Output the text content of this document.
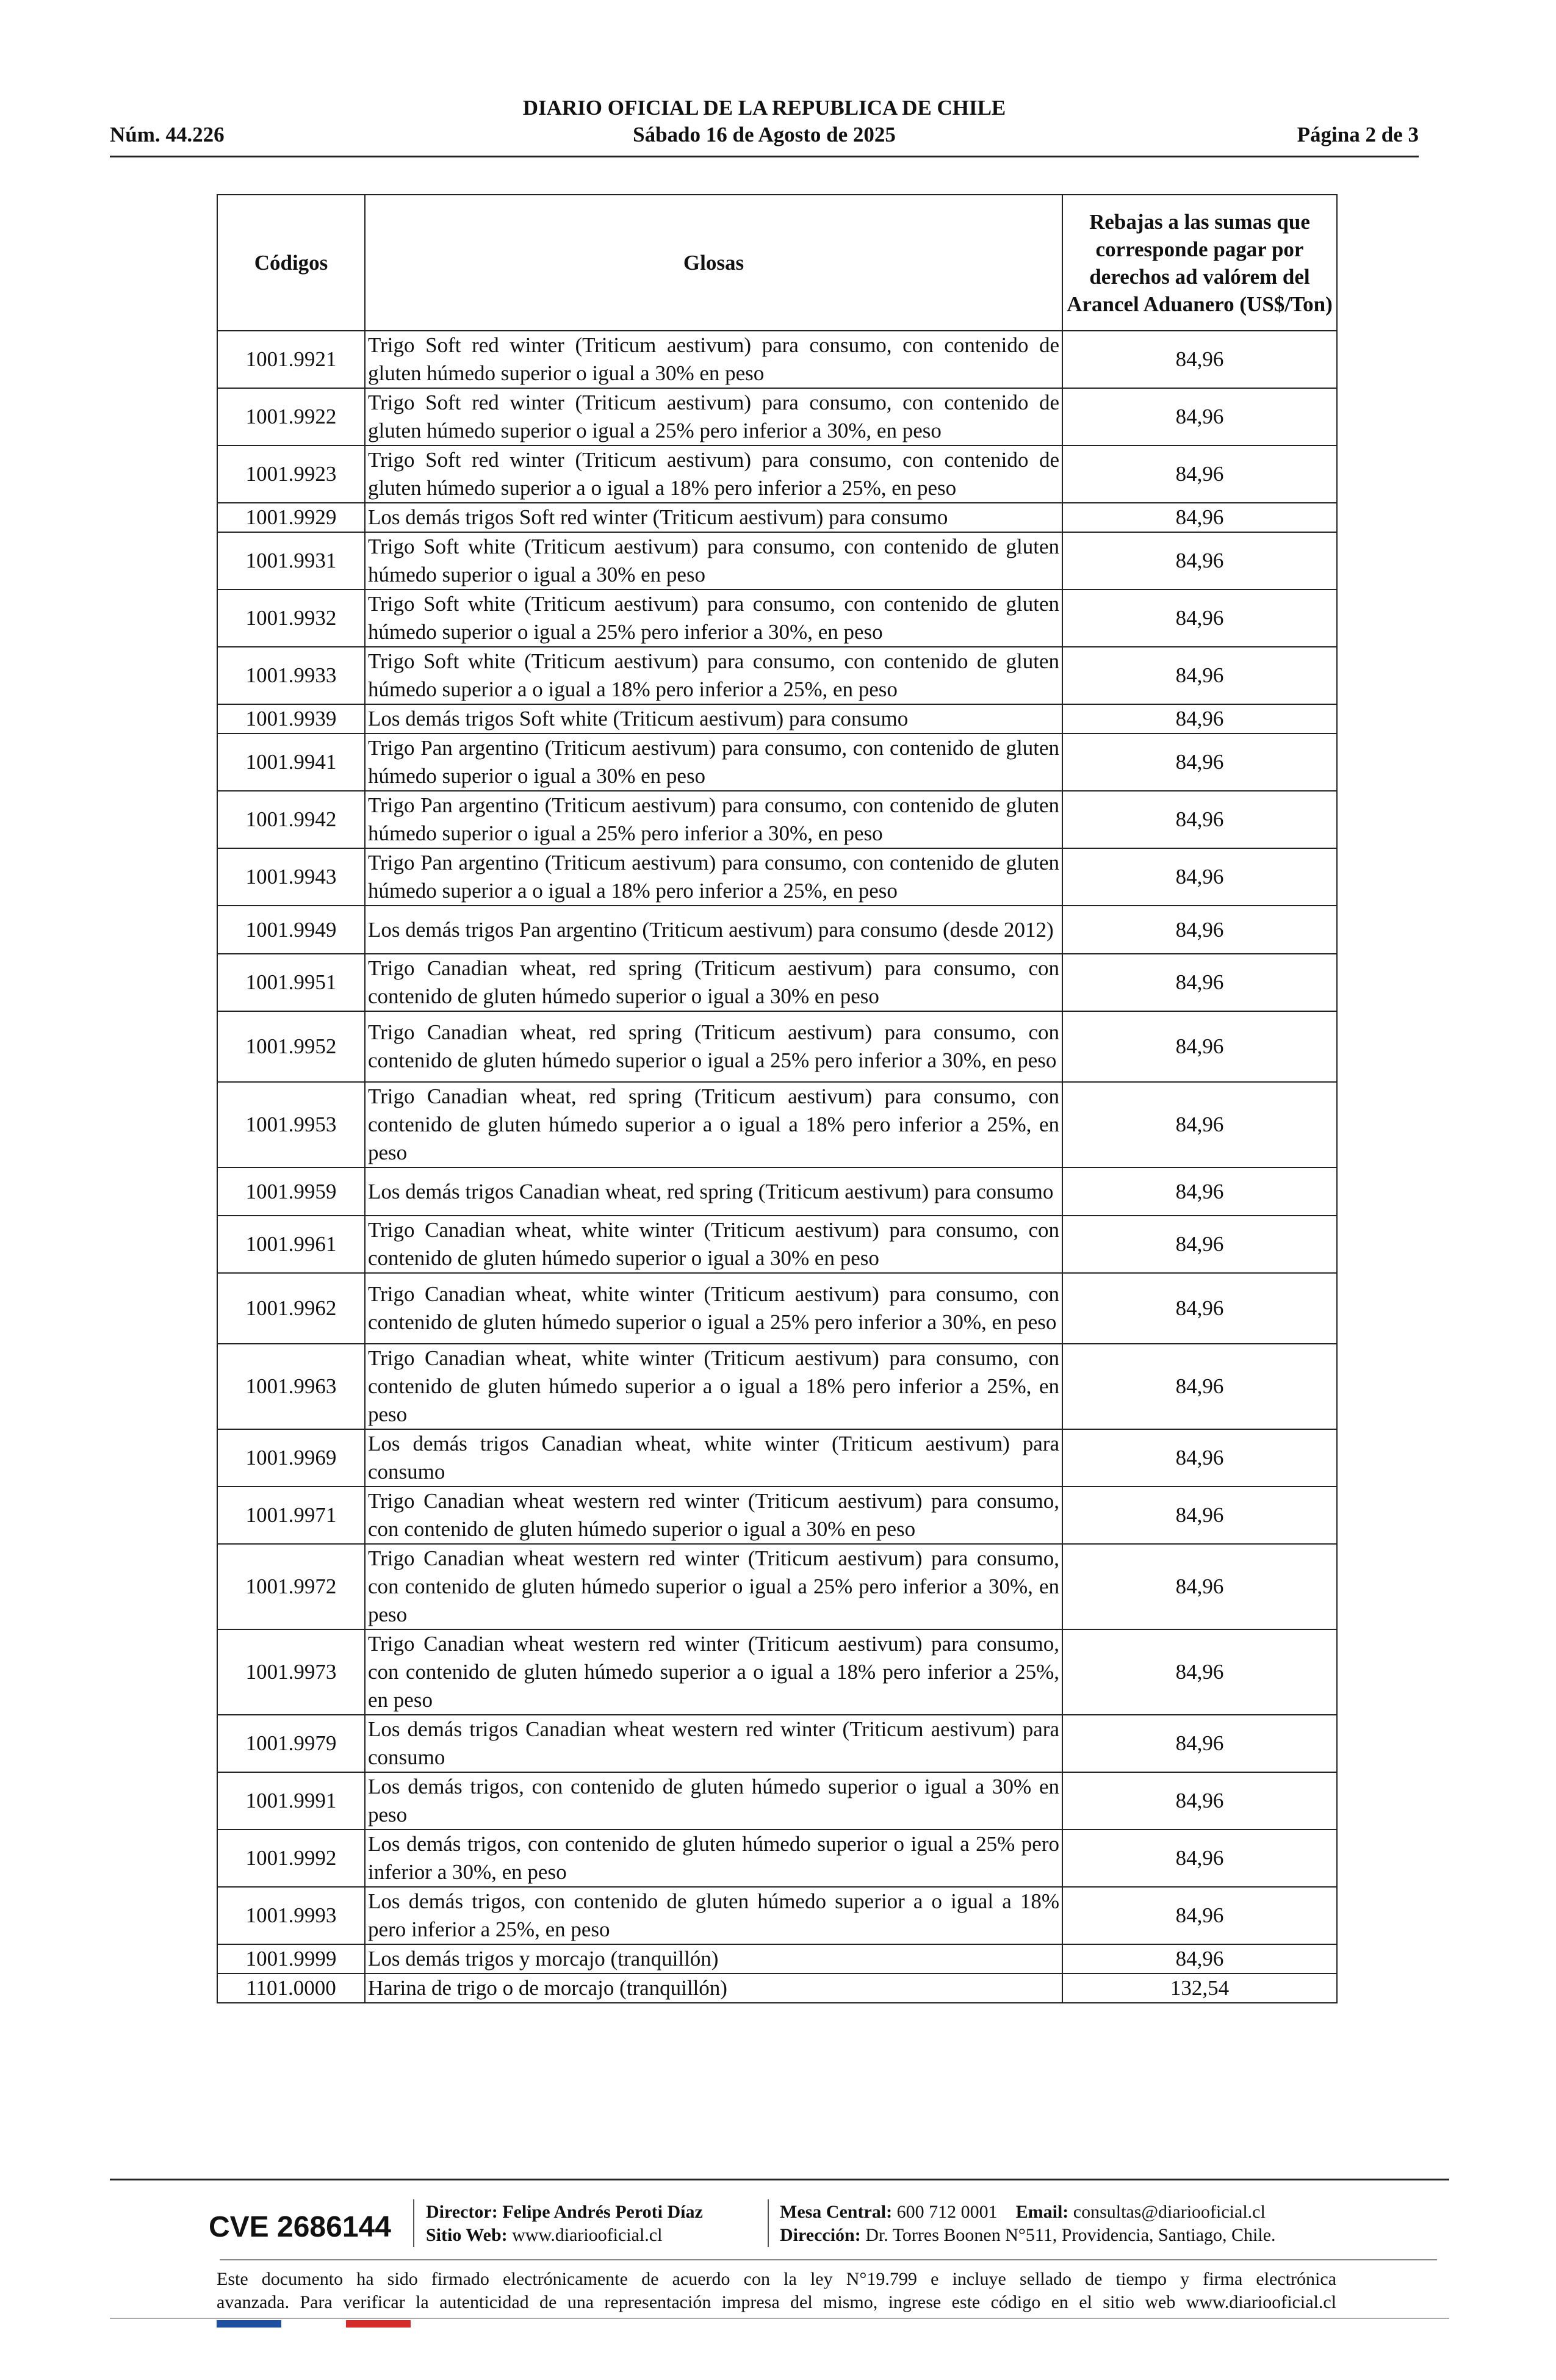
DIARIO OFICIAL DE LA REPUBLICA DE CHILE
Sábado 16 de Agosto de 2025
Núm. 44.226	Página 2 de 3
Códigos	Glosas	Rebajas a las sumas que corresponde pagar por derechos ad valórem del Arancel Aduanero (US$/Ton)
1001.9921	Trigo Soft red winter (Triticum aestivum) para consumo, con contenido de gluten húmedo superior o igual a 30% en peso	84,96
1001.9922	Trigo Soft red winter (Triticum aestivum) para consumo, con contenido de gluten húmedo superior o igual a 25% pero inferior a 30%, en peso	84,96
1001.9923	Trigo Soft red winter (Triticum aestivum) para consumo, con contenido de gluten húmedo superior a o igual a 18% pero inferior a 25%, en peso	84,96
1001.9929	Los demás trigos Soft red winter (Triticum aestivum) para consumo	84,96
1001.9931	Trigo Soft white (Triticum aestivum) para consumo, con contenido de gluten húmedo superior o igual a 30% en peso	84,96
1001.9932	Trigo Soft white (Triticum aestivum) para consumo, con contenido de gluten húmedo superior o igual a 25% pero inferior a 30%, en peso	84,96
1001.9933	Trigo Soft white (Triticum aestivum) para consumo, con contenido de gluten húmedo superior a o igual a 18% pero inferior a 25%, en peso	84,96
1001.9939	Los demás trigos Soft white (Triticum aestivum) para consumo	84,96
1001.9941	Trigo Pan argentino (Triticum aestivum) para consumo, con contenido de gluten húmedo superior o igual a 30% en peso	84,96
1001.9942	Trigo Pan argentino (Triticum aestivum) para consumo, con contenido de gluten húmedo superior o igual a 25% pero inferior a 30%, en peso	84,96
1001.9943	Trigo Pan argentino (Triticum aestivum) para consumo, con contenido de gluten húmedo superior a o igual a 18% pero inferior a 25%, en peso	84,96
1001.9949	Los demás trigos Pan argentino (Triticum aestivum) para consumo (desde 2012)	84,96
1001.9951	Trigo Canadian wheat, red spring (Triticum aestivum) para consumo, con contenido de gluten húmedo superior o igual a 30% en peso	84,96
1001.9952	Trigo Canadian wheat, red spring (Triticum aestivum) para consumo, con contenido de gluten húmedo superior o igual a 25% pero inferior a 30%, en peso	84,96
1001.9953	Trigo Canadian wheat, red spring (Triticum aestivum) para consumo, con contenido de gluten húmedo superior a o igual a 18% pero inferior a 25%, en peso	84,96
1001.9959	Los demás trigos Canadian wheat, red spring (Triticum aestivum) para consumo	84,96
1001.9961	Trigo Canadian wheat, white winter (Triticum aestivum) para consumo, con contenido de gluten húmedo superior o igual a 30% en peso	84,96
1001.9962	Trigo Canadian wheat, white winter (Triticum aestivum) para consumo, con contenido de gluten húmedo superior o igual a 25% pero inferior a 30%, en peso	84,96
1001.9963	Trigo Canadian wheat, white winter (Triticum aestivum) para consumo, con contenido de gluten húmedo superior a o igual a 18% pero inferior a 25%, en peso	84,96
1001.9969	Los demás trigos Canadian wheat, white winter (Triticum aestivum) para consumo	84,96
1001.9971	Trigo Canadian wheat western red winter (Triticum aestivum) para consumo, con contenido de gluten húmedo superior o igual a 30% en peso	84,96
1001.9972	Trigo Canadian wheat western red winter (Triticum aestivum) para consumo, con contenido de gluten húmedo superior o igual a 25% pero inferior a 30%, en peso	84,96
1001.9973	Trigo Canadian wheat western red winter (Triticum aestivum) para consumo, con contenido de gluten húmedo superior a o igual a 18% pero inferior a 25%, en peso	84,96
1001.9979	Los demás trigos Canadian wheat western red winter (Triticum aestivum) para consumo	84,96
1001.9991	Los demás trigos, con contenido de gluten húmedo superior o igual a 30% en peso	84,96
1001.9992	Los demás trigos, con contenido de gluten húmedo superior o igual a 25% pero inferior a 30%, en peso	84,96
1001.9993	Los demás trigos, con contenido de gluten húmedo superior a o igual a 18% pero inferior a 25%, en peso	84,96
1001.9999	Los demás trigos y morcajo (tranquillón)	84,96
1101.0000	Harina de trigo o de morcajo (tranquillón)	132,54
CVE 2686144	Director: Felipe Andrés Peroti Díaz
Sitio Web: www.diariooficial.cl
Mesa Central: 600 712 0001 Email: consultas@diariooficial.cl
Dirección: Dr. Torres Boonen N°511, Providencia, Santiago, Chile.
Este documento ha sido firmado electrónicamente de acuerdo con la ley N°19.799 e incluye sellado de tiempo y firma electrónica
avanzada. Para verificar la autenticidad de una representación impresa del mismo, ingrese este código en el sitio web www.diariooficial.cl
